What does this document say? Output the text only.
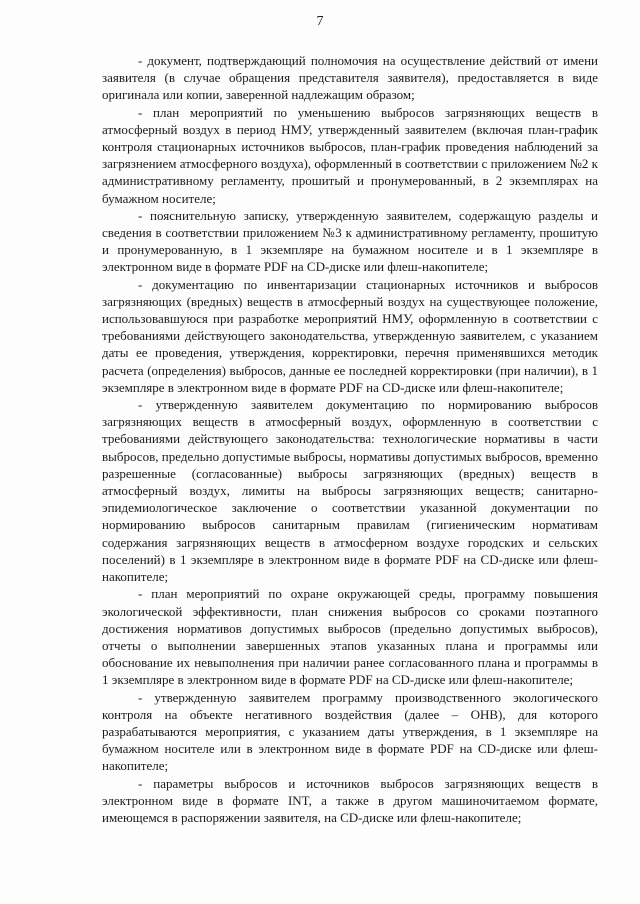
7

- документ, подтверждающий полномочия на осуществление действий от имени заявителя (в случае обращения представителя заявителя), предоставляется в виде оригинала или копии, заверенной надлежащим образом;

- план мероприятий по уменьшению выбросов загрязняющих веществ в атмосферный воздух в период НМУ, утвержденный заявителем (включая план-график контроля стационарных источников выбросов, план-график проведения наблюдений за загрязнением атмосферного воздуха), оформленный в соответствии с приложением №2 к административному регламенту, прошитый и пронумерованный, в 2 экземплярах на бумажном носителе;

- пояснительную записку, утвержденную заявителем, содержащую разделы и сведения в соответствии приложением №3 к административному регламенту, прошитую и пронумерованную, в 1 экземпляре на бумажном носителе и в 1 экземпляре в электронном виде в формате PDF на CD-диске или флеш-накопителе;

- документацию по инвентаризации стационарных источников и выбросов загрязняющих (вредных) веществ в атмосферный воздух на существующее положение, использовавшуюся при разработке мероприятий НМУ, оформленную в соответствии с требованиями действующего законодательства, утвержденную заявителем, с указанием даты ее проведения, утверждения, корректировки, перечня применявшихся методик расчета (определения) выбросов, данные ее последней корректировки (при наличии), в 1 экземпляре в электронном виде в формате PDF на CD-диске или флеш-накопителе;

- утвержденную заявителем документацию по нормированию выбросов загрязняющих веществ в атмосферный воздух, оформленную в соответствии с требованиями действующего законодательства: технологические нормативы в части выбросов, предельно допустимые выбросы, нормативы допустимых выбросов, временно разрешенные (согласованные) выбросы загрязняющих (вредных) веществ в атмосферный воздух, лимиты на выбросы загрязняющих веществ; санитарно-эпидемиологическое заключение о соответствии указанной документации по нормированию выбросов санитарным правилам (гигиеническим нормативам содержания загрязняющих веществ в атмосферном воздухе городских и сельских поселений) в 1 экземпляре в электронном виде в формате PDF на CD-диске или флеш-накопителе;

- план мероприятий по охране окружающей среды, программу повышения экологической эффективности, план снижения выбросов со сроками поэтапного достижения нормативов допустимых выбросов (предельно допустимых выбросов), отчеты о выполнении завершенных этапов указанных плана и программы или обоснование их невыполнения при наличии ранее согласованного плана и программы в 1 экземпляре в электронном виде в формате PDF на CD-диске или флеш-накопителе;

- утвержденную заявителем программу производственного экологического контроля на объекте негативного воздействия (далее – ОНВ), для которого разрабатываются мероприятия, с указанием даты утверждения, в 1 экземпляре на бумажном носителе или в электронном виде в формате PDF на CD-диске или флеш-накопителе;

- параметры выбросов и источников выбросов загрязняющих веществ в электронном виде в формате INT, а также в другом машиночитаемом формате, имеющемся в распоряжении заявителя, на CD-диске или флеш-накопителе;
